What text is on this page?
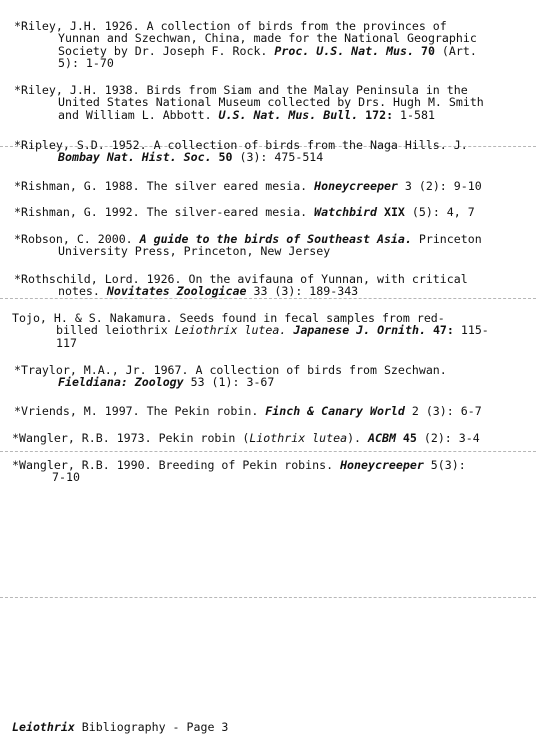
*Riley, J.H. 1926. A collection of birds from the provinces of
Yunnan and Szechwan, China, made for the National Geographic
Society by Dr. Joseph F. Rock. Proc. U.S. Nat. Mus. 70 (Art.
5): 1-70
*Riley, J.H. 1938. Birds from Siam and the Malay Peninsula in the
United States National Museum collected by Drs. Hugh M. Smith
and William L. Abbott. U.S. Nat. Mus. Bull. 172: 1-581
*Ripley, S.D. 1952. A collection of birds from the Naga Hills. J.
Bombay Nat. Hist. Soc. 50 (3): 475-514
*Rishman, G. 1988. The silver eared mesia. Honeycreeper 3 (2): 9-10
*Rishman, G. 1992. The silver-eared mesia. Watchbird XIX (5): 4, 7
*Robson, C. 2000. A guide to the birds of Southeast Asia. Princeton
University Press, Princeton, New Jersey
*Rothschild, Lord. 1926. On the avifauna of Yunnan, with critical
notes. Novitates Zoologicae 33 (3): 189-343
Tojo, H. & S. Nakamura. Seeds found in fecal samples from red-
billed leiothrix Leiothrix lutea. Japanese J. Ornith. 47: 115-
117
*Traylor, M.A., Jr. 1967. A collection of birds from Szechwan.
Fieldiana: Zoology 53 (1): 3-67
*Vriends, M. 1997. The Pekin robin. Finch & Canary World 2 (3): 6-7
*Wangler, R.B. 1973. Pekin robin (Liothrix lutea). ACBM 45 (2): 3-4
*Wangler, R.B. 1990. Breeding of Pekin robins. Honeycreeper 5(3):
7-10
Leiothrix Bibliography - Page 3
